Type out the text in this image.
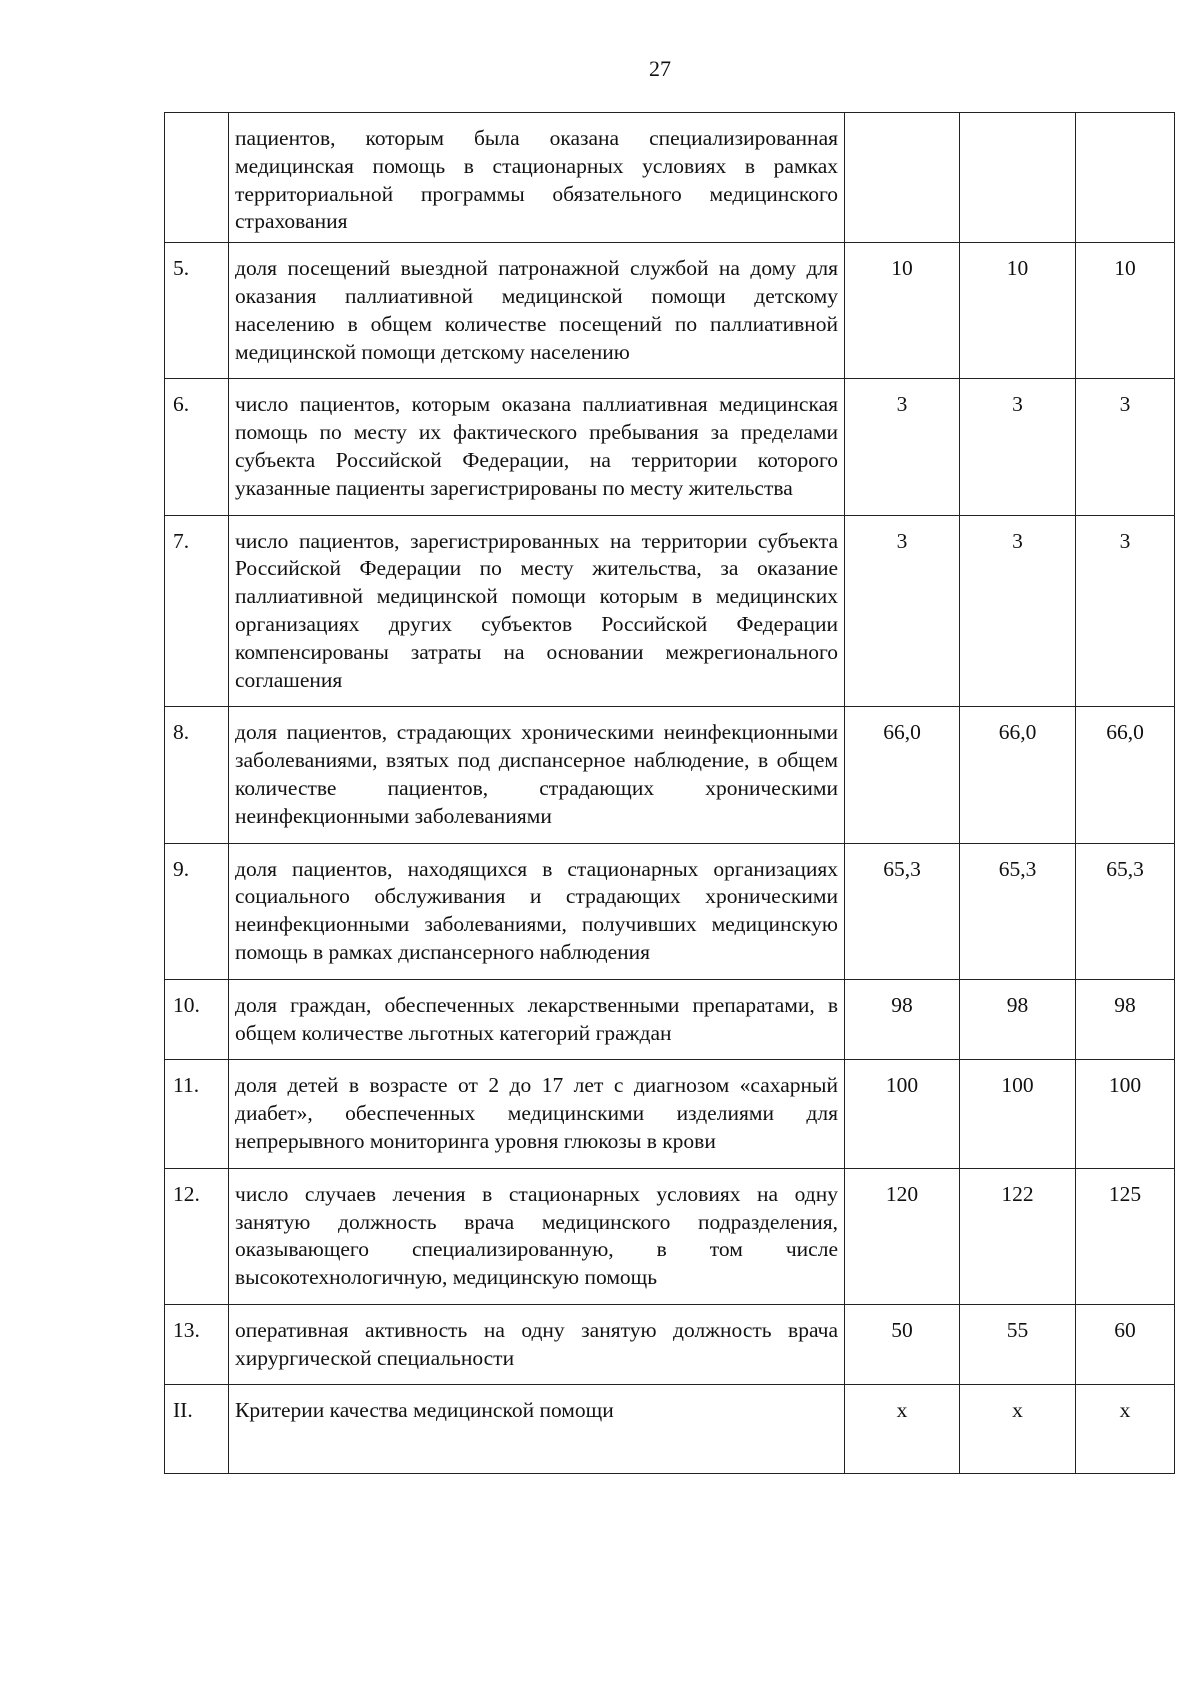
27
	пациентов, которым была оказана специализированная медицинская помощь в стационарных условиях в рамках территориальной программы обязательного медицинского страхования			
5.	доля посещений выездной патронажной службой на дому для оказания паллиативной медицинской помощи детскому населению в общем количестве посещений по паллиативной медицинской помощи детскому населению	10	10	10
6.	число пациентов, которым оказана паллиативная медицинская помощь по месту их фактического пребывания за пределами субъекта Российской Федерации, на территории которого указанные пациенты зарегистрированы по месту жительства	3	3	3
7.	число пациентов, зарегистрированных на территории субъекта Российской Федерации по месту жительства, за оказание паллиативной медицинской помощи которым в медицинских организациях других субъектов Российской Федерации компенсированы затраты на основании межрегионального соглашения	3	3	3
8.	доля пациентов, страдающих хроническими неинфекционными заболеваниями, взятых под диспансерное наблюдение, в общем количестве пациентов, страдающих хроническими неинфекционными заболеваниями	66,0	66,0	66,0
9.	доля пациентов, находящихся в стационарных организациях социального обслуживания и страдающих хроническими неинфекционными заболеваниями, получивших медицинскую помощь в рамках диспансерного наблюдения	65,3	65,3	65,3
10.	доля граждан, обеспеченных лекарственными препаратами, в общем количестве льготных категорий граждан	98	98	98
11.	доля детей в возрасте от 2 до 17 лет с диагнозом «сахарный диабет», обеспеченных медицинскими изделиями для непрерывного мониторинга уровня глюкозы в крови	100	100	100
12.	число случаев лечения в стационарных условиях на одну занятую должность врача медицинского подразделения, оказывающего специализированную, в том числе высокотехнологичную, медицинскую помощь	120	122	125
13.	оперативная активность на одну занятую должность врача хирургической специальности	50	55	60
II.	Критерии качества медицинской помощи	х	х	х
